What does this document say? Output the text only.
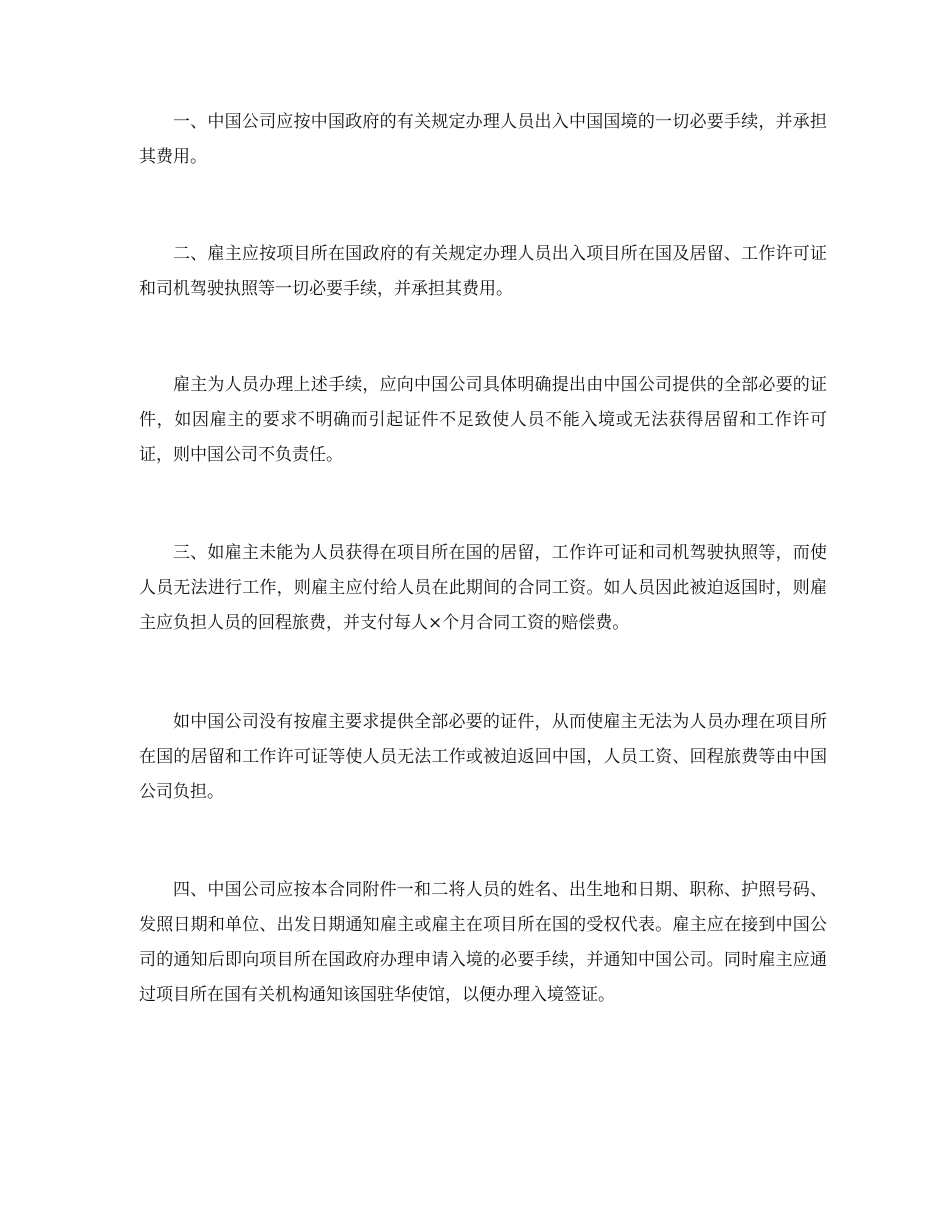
一、中国公司应按中国政府的有关规定办理人员出入中国国境的一切必要手续，并承担其费用。

二、雇主应按项目所在国政府的有关规定办理人员出入项目所在国及居留、工作许可证和司机驾驶执照等一切必要手续，并承担其费用。

雇主为人员办理上述手续，应向中国公司具体明确提出由中国公司提供的全部必要的证件，如因雇主的要求不明确而引起证件不足致使人员不能入境或无法获得居留和工作许可证，则中国公司不负责任。

三、如雇主未能为人员获得在项目所在国的居留，工作许可证和司机驾驶执照等，而使人员无法进行工作，则雇主应付给人员在此期间的合同工资。如人员因此被迫返国时，则雇主应负担人员的回程旅费，并支付每人×个月合同工资的赔偿费。

如中国公司没有按雇主要求提供全部必要的证件，从而使雇主无法为人员办理在项目所在国的居留和工作许可证等使人员无法工作或被迫返回中国，人员工资、回程旅费等由中国公司负担。

四、中国公司应按本合同附件一和二将人员的姓名、出生地和日期、职称、护照号码、发照日期和单位、出发日期通知雇主或雇主在项目所在国的受权代表。雇主应在接到中国公司的通知后即向项目所在国政府办理申请入境的必要手续，并通知中国公司。同时雇主应通过项目所在国有关机构通知该国驻华使馆，以便办理入境签证。
